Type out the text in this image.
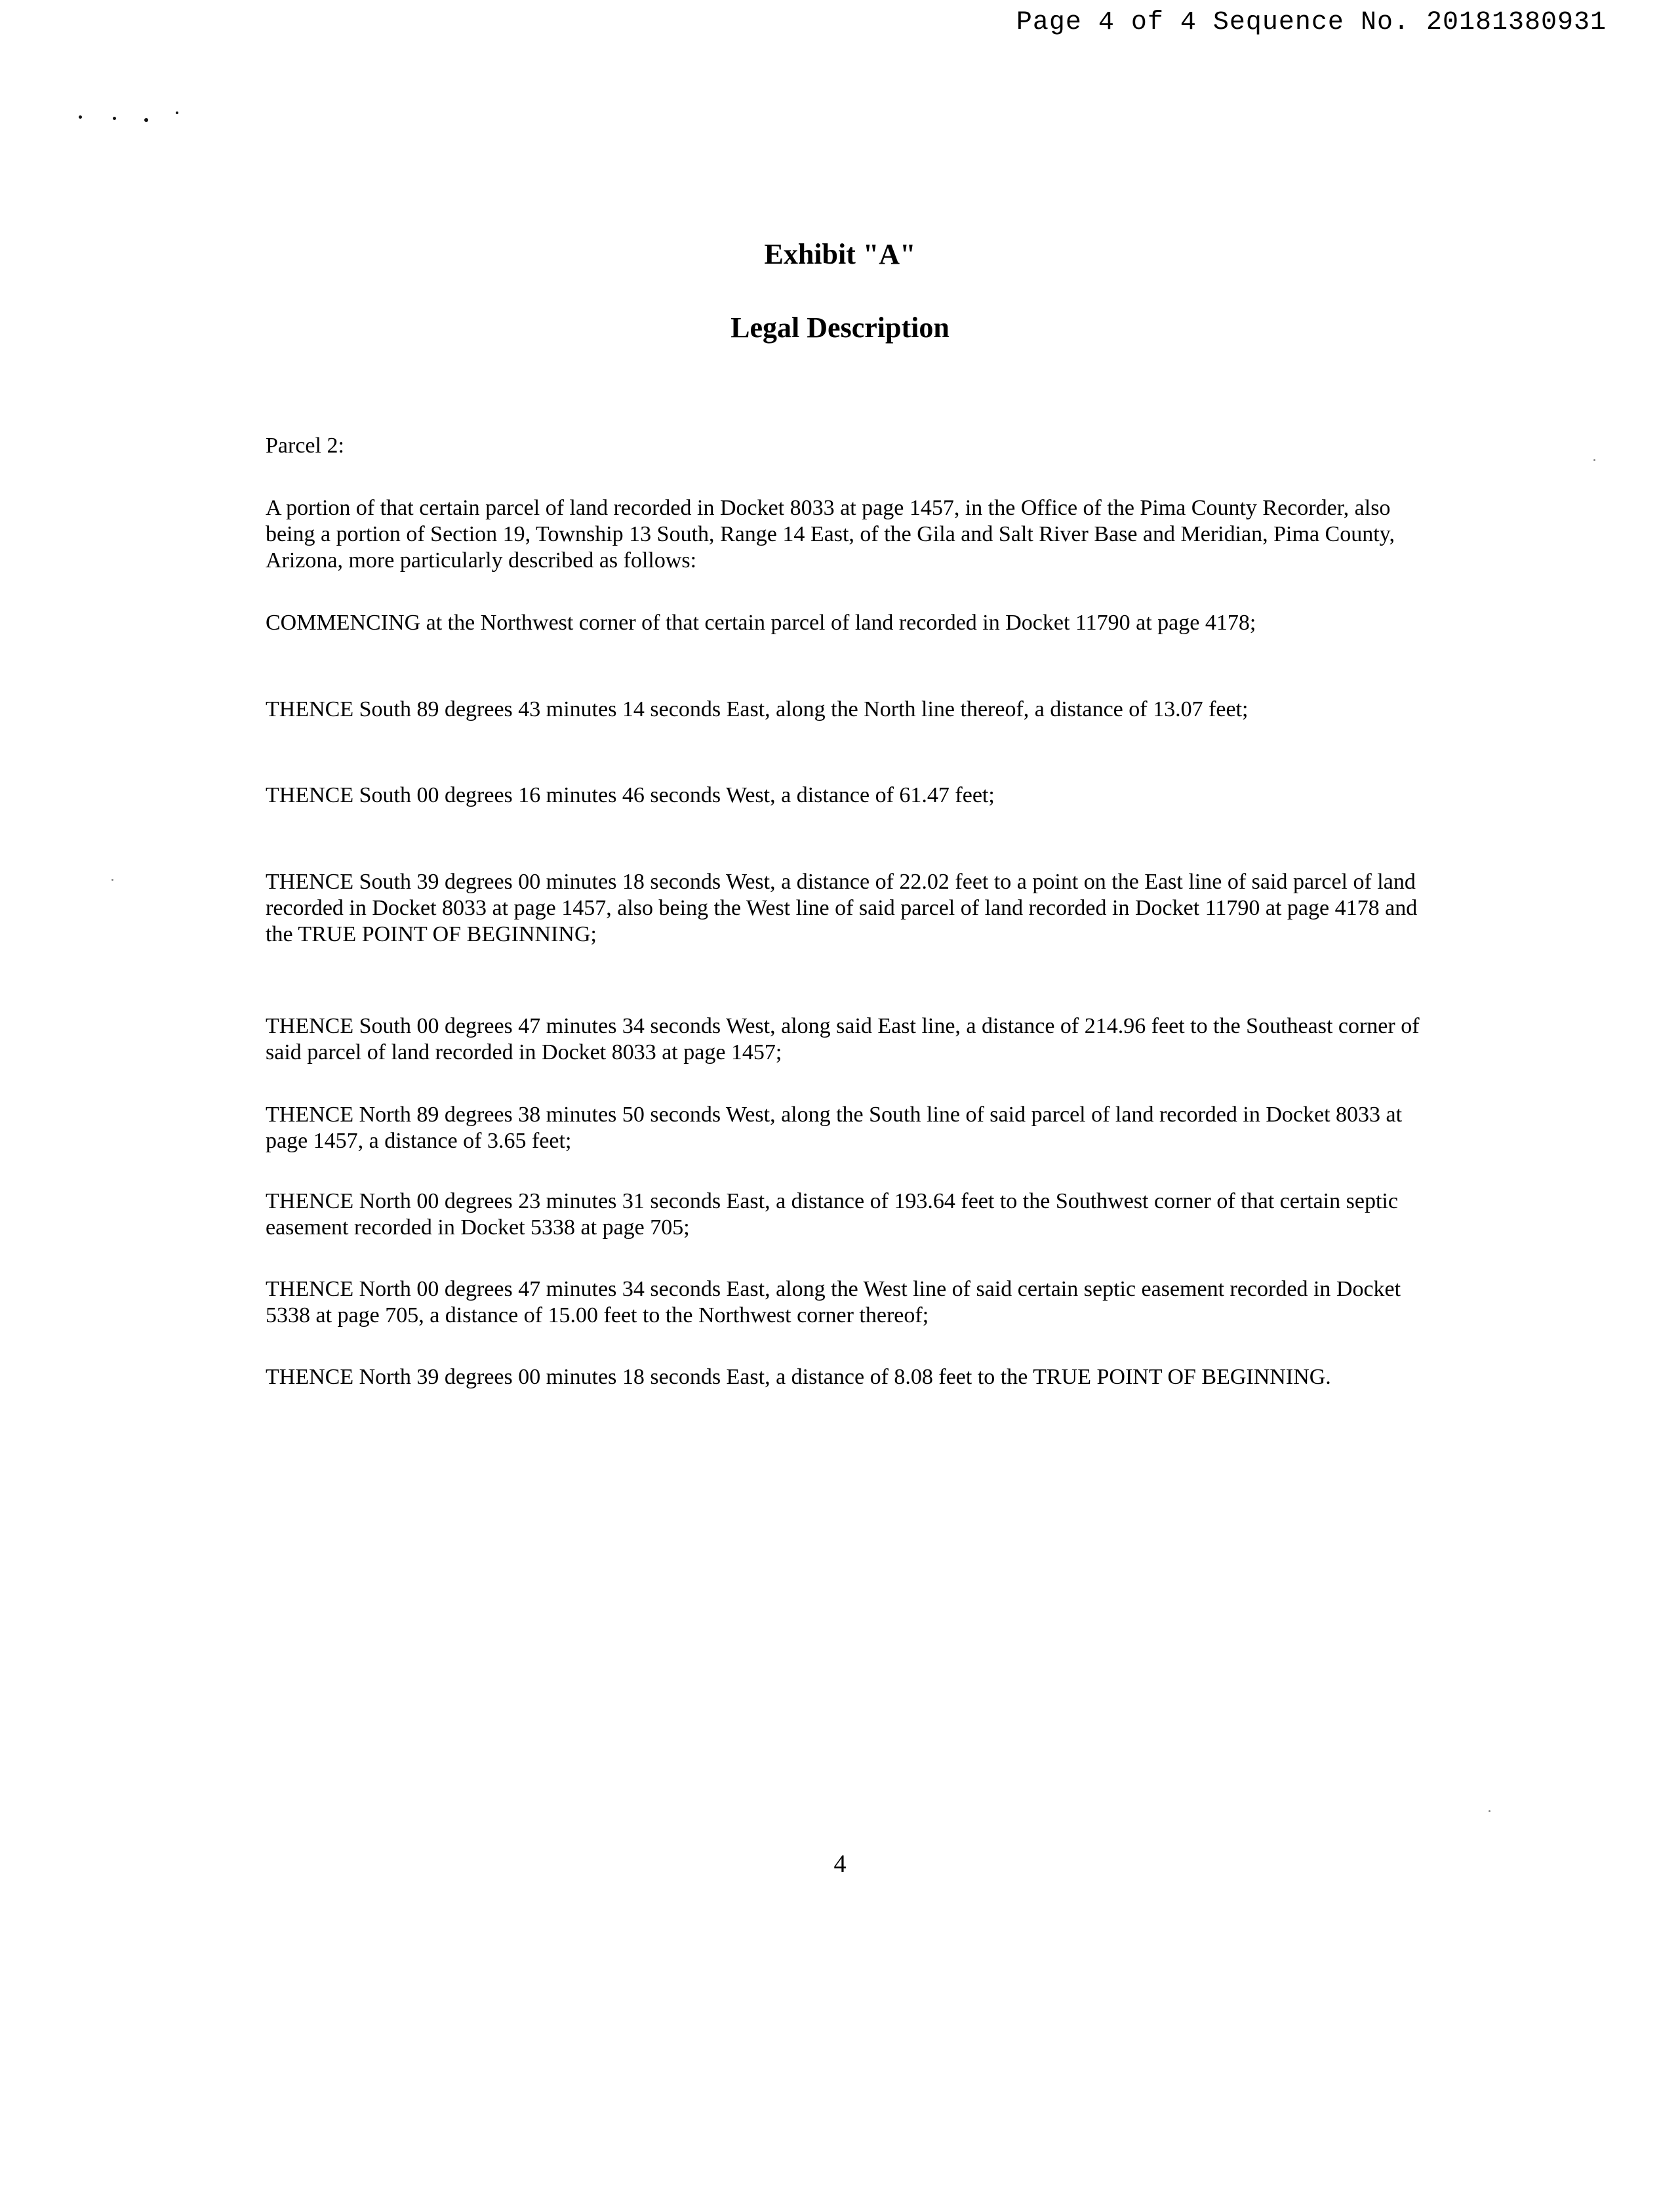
Page 4 of 4 Sequence No. 20181380931
Exhibit "A"
Legal Description
Parcel 2:

A portion of that certain parcel of land recorded in Docket 8033 at page 1457, in the Office of the Pima County Recorder, also being a portion of Section 19, Township 13 South, Range 14 East, of the Gila and Salt River Base and Meridian, Pima County, Arizona, more particularly described as follows:

COMMENCING at the Northwest corner of that certain parcel of land recorded in Docket 11790 at page 4178;

THENCE South 89 degrees 43 minutes 14 seconds East, along the North line thereof, a distance of 13.07 feet;

THENCE South 00 degrees 16 minutes 46 seconds West, a distance of 61.47 feet;

THENCE South 39 degrees 00 minutes 18 seconds West, a distance of 22.02 feet to a point on the East line of said parcel of land recorded in Docket 8033 at page 1457, also being the West line of said parcel of land recorded in Docket 11790 at page 4178 and the TRUE POINT OF BEGINNING;

THENCE South 00 degrees 47 minutes 34 seconds West, along said East line, a distance of 214.96 feet to the Southeast corner of said parcel of land recorded in Docket 8033 at page 1457;

THENCE North 89 degrees 38 minutes 50 seconds West, along the South line of said parcel of land recorded in Docket 8033 at page 1457, a distance of 3.65 feet;

THENCE North 00 degrees 23 minutes 31 seconds East, a distance of 193.64 feet to the Southwest corner of that certain septic easement recorded in Docket 5338 at page 705;

THENCE North 00 degrees 47 minutes 34 seconds East, along the West line of said certain septic easement recorded in Docket 5338 at page 705, a distance of 15.00 feet to the Northwest corner thereof;

THENCE North 39 degrees 00 minutes 18 seconds East, a distance of 8.08 feet to the TRUE POINT OF BEGINNING.

4
